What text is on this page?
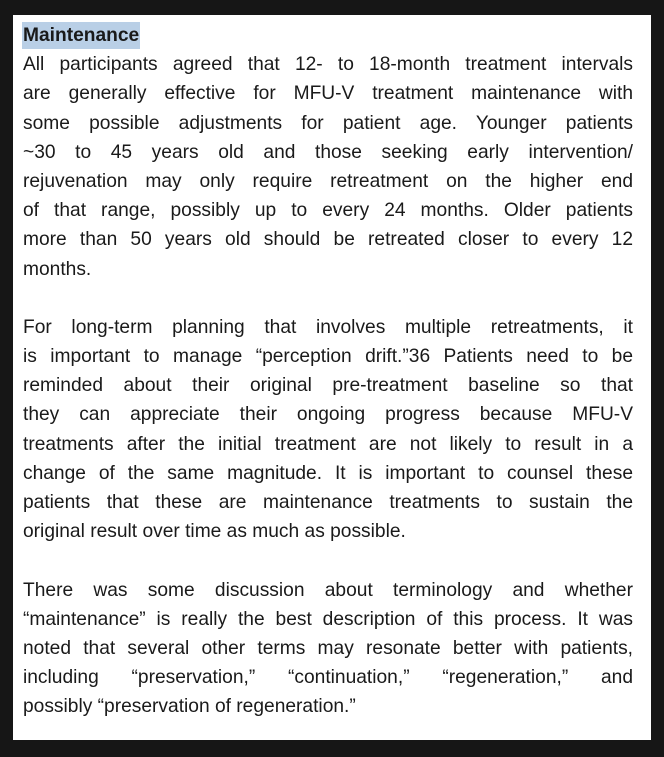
Maintenance
All participants agreed that 12- to 18-month treatment intervals
are generally effective for MFU-V treatment maintenance with
some possible adjustments for patient age. Younger patients
~30 to 45 years old and those seeking early intervention/
rejuvenation may only require retreatment on the higher end
of that range, possibly up to every 24 months. Older patients
more than 50 years old should be retreated closer to every 12
months.
For long-term planning that involves multiple retreatments, it
is important to manage “perception drift.”36 Patients need to be
reminded about their original pre-treatment baseline so that
they can appreciate their ongoing progress because MFU-V
treatments after the initial treatment are not likely to result in a
change of the same magnitude. It is important to counsel these
patients that these are maintenance treatments to sustain the
original result over time as much as possible.
There was some discussion about terminology and whether
“maintenance” is really the best description of this process. It was
noted that several other terms may resonate better with patients,
including “preservation,” “continuation,” “regeneration,” and
possibly “preservation of regeneration.”
